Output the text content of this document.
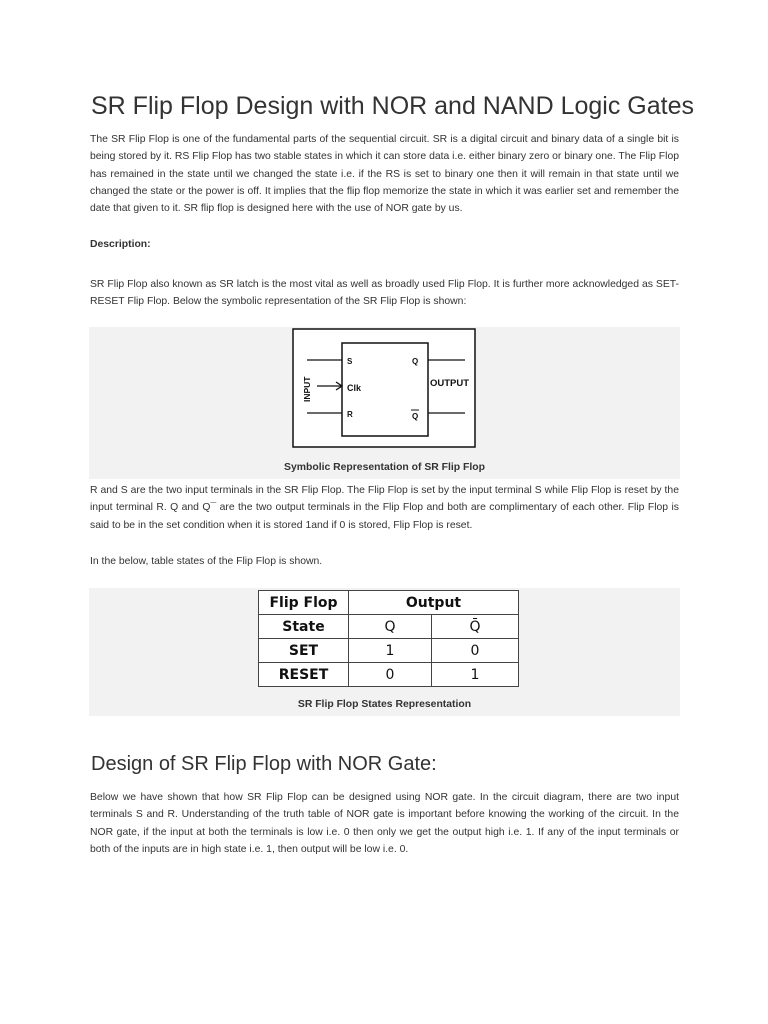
SR Flip Flop Design with NOR and NAND Logic Gates

The SR Flip Flop is one of the fundamental parts of the sequential circuit. SR is a digital circuit and binary data of a single bit is being stored by it. RS Flip Flop has two stable states in which it can store data i.e. either binary zero or binary one. The Flip Flop has remained in the state until we changed the state i.e. if the RS is set to binary one then it will remain in that state until we changed the state or the power is off. It implies that the flip flop memorize the state in which it was earlier set and remember the date that given to it. SR flip flop is designed here with the use of NOR gate by us.

Description:

SR Flip Flop also known as SR latch is the most vital as well as broadly used Flip Flop. It is further more acknowledged as SET-RESET Flip Flop. Below the symbolic representation of the SR Flip Flop is shown:

S
Clk
R
Q
Q
OUTPUT
INPUT
Symbolic Representation of SR Flip Flop

R and S are the two input terminals in the SR Flip Flop. The Flip Flop is set by the input terminal S while Flip Flop is reset by the input terminal R. Q and Q¯ are the two output terminals in the Flip Flop and both are complimentary of each other. Flip Flop is said to be in the set condition when it is stored 1and if 0 is stored, Flip Flop is reset.

In the below, table states of the Flip Flop is shown.

Flip Flop	Output	
State	Q	Q̄
SET	1	0
RESET	0	1
SR Flip Flop States Representation
Design of SR Flip Flop with NOR Gate:

Below we have shown that how SR Flip Flop can be designed using NOR gate. In the circuit diagram, there are two input terminals S and R. Understanding of the truth table of NOR gate is important before knowing the working of the circuit. In the NOR gate, if the input at both the terminals is low i.e. 0 then only we get the output high i.e. 1. If any of the input terminals or both of the inputs are in high state i.e. 1, then output will be low i.e. 0.
